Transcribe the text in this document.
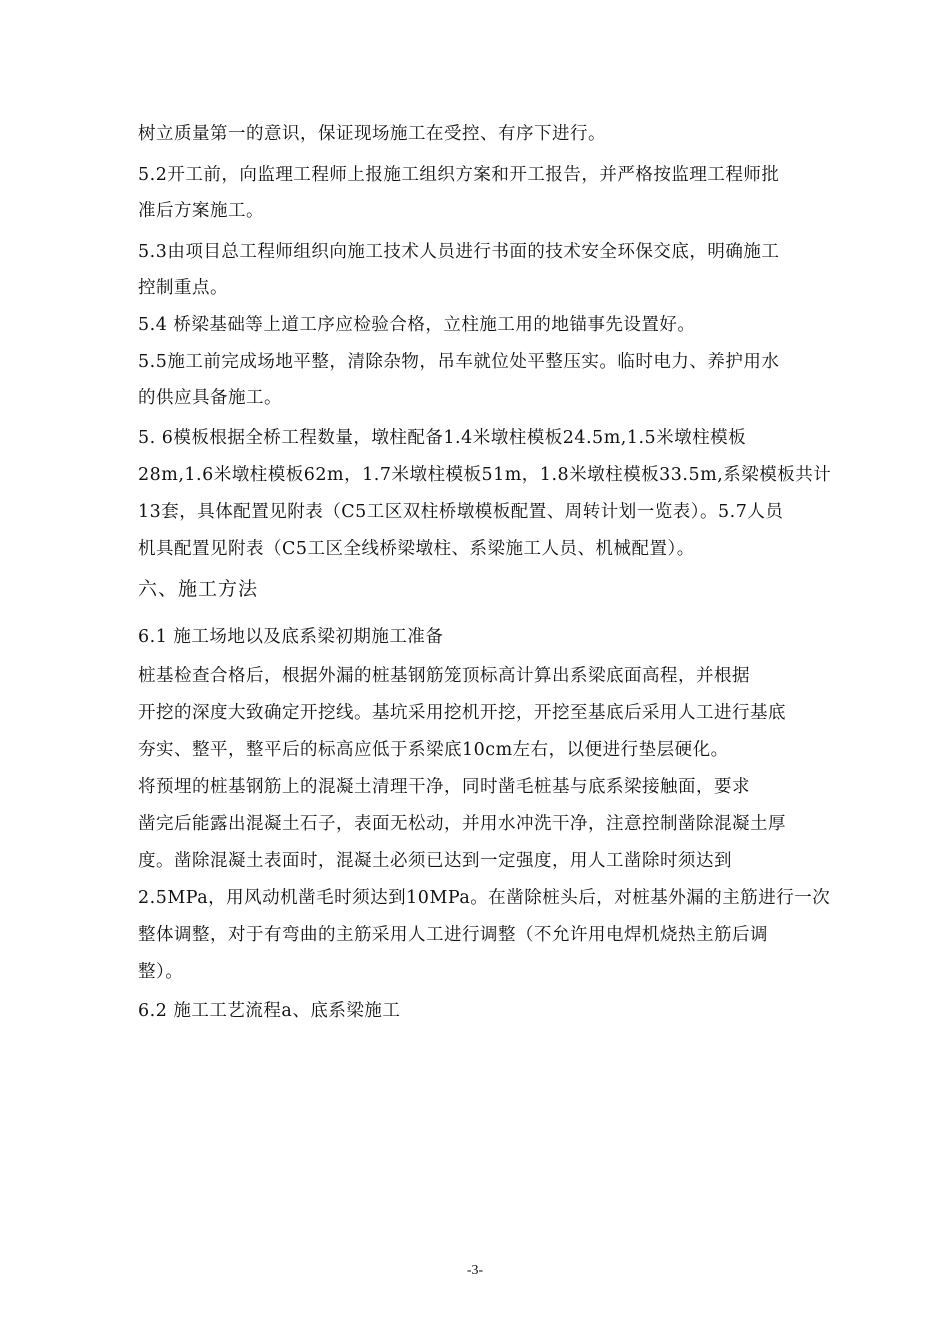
树立质量第一的意识，保证现场施工在受控、有序下进行。
5.2开工前，向监理工程师上报施工组织方案和开工报告，并严格按监理工程师批
准后方案施工。
5.3由项目总工程师组织向施工技术人员进行书面的技术安全环保交底，明确施工
控制重点。
5.4 桥梁基础等上道工序应检验合格，立柱施工用的地锚事先设置好。
5.5施工前完成场地平整，清除杂物，吊车就位处平整压实。临时电力、养护用水
的供应具备施工。
5. 6模板根据全桥工程数量，墩柱配备1.4米墩柱模板24.5m,1.5米墩柱模板
28m,1.6米墩柱模板62m，1.7米墩柱模板51m，1.8米墩柱模板33.5m,系梁模板共计
13套，具体配置见附表（C5工区双柱桥墩模板配置、周转计划一览表）。5.7人员
机具配置见附表（C5工区全线桥梁墩柱、系梁施工人员、机械配置）。
六、施工方法
6.1 施工场地以及底系梁初期施工准备
桩基检查合格后，根据外漏的桩基钢筋笼顶标高计算出系梁底面高程，并根据
开挖的深度大致确定开挖线。基坑采用挖机开挖，开挖至基底后采用人工进行基底
夯实、整平，整平后的标高应低于系梁底10cm左右，以便进行垫层硬化。
将预埋的桩基钢筋上的混凝土清理干净，同时凿毛桩基与底系梁接触面，要求
凿完后能露出混凝土石子，表面无松动，并用水冲洗干净，注意控制凿除混凝土厚
度。凿除混凝土表面时，混凝土必须已达到一定强度，用人工凿除时须达到
2.5MPa，用风动机凿毛时须达到10MPa。在凿除桩头后，对桩基外漏的主筋进行一次
整体调整，对于有弯曲的主筋采用人工进行调整（不允许用电焊机烧热主筋后调
整）。
6.2 施工工艺流程a、底系梁施工
-3-
